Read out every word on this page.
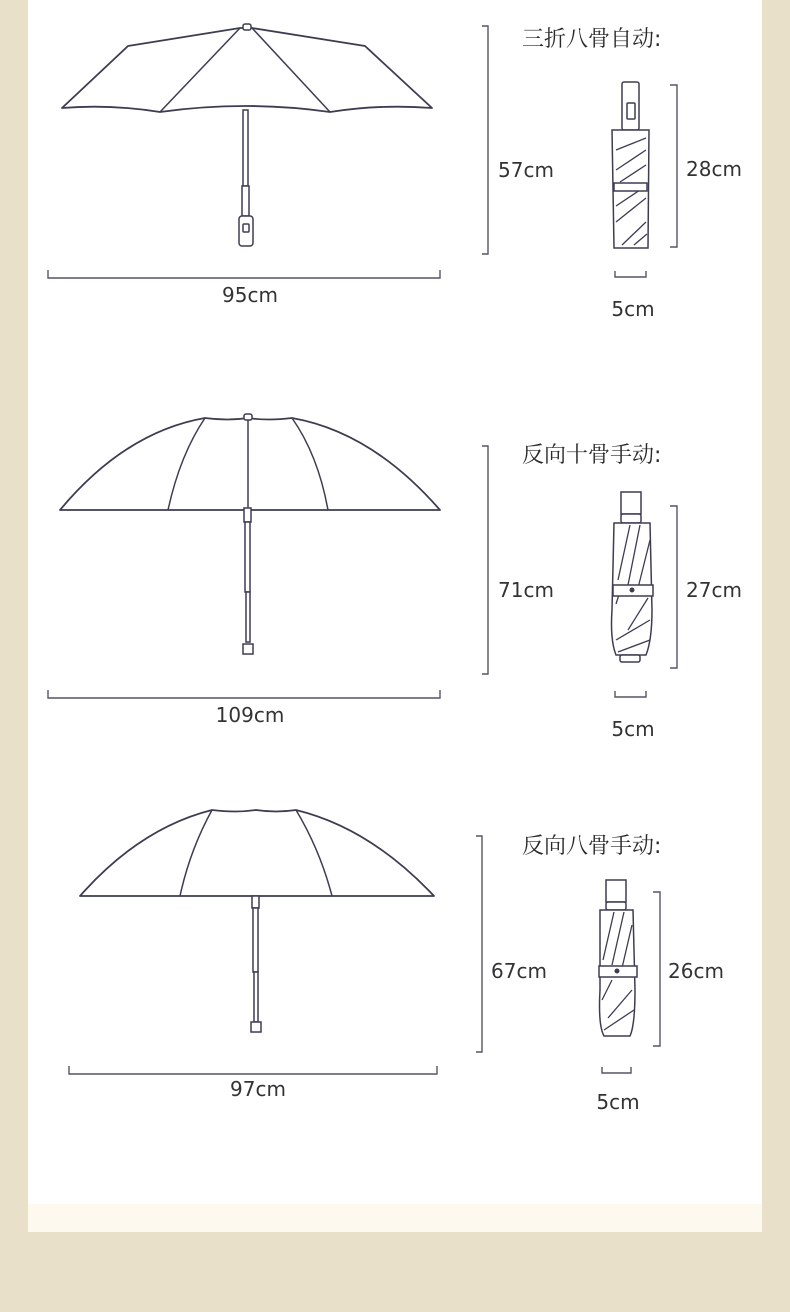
95cm
57cm
三折八骨自动:
28cm
5cm
109cm
71cm
反向十骨手动:
27cm
5cm
97cm
67cm
反向八骨手动:
26cm
5cm
